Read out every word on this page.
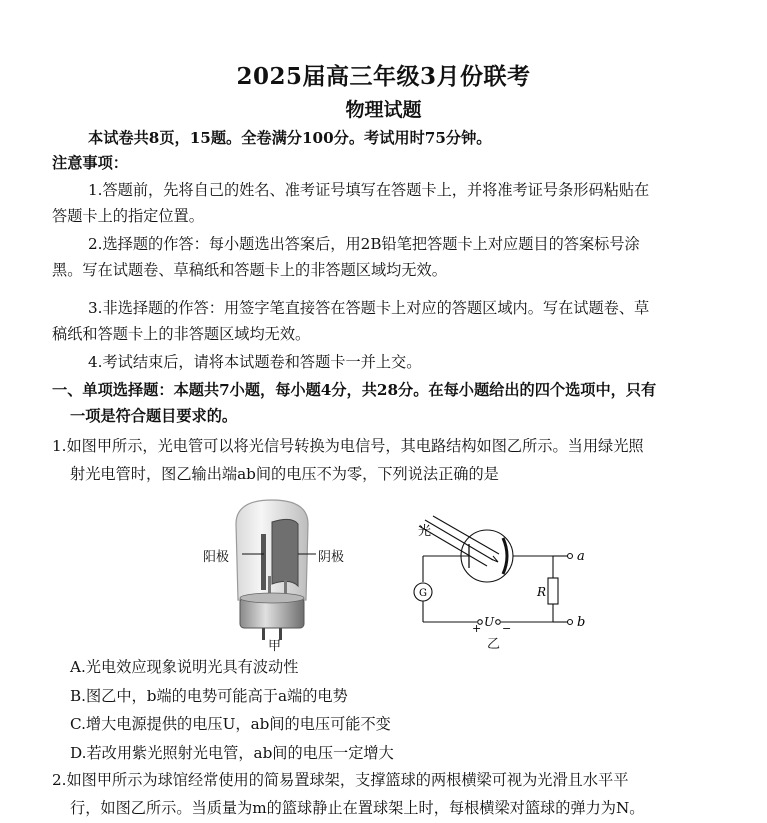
2025届高三年级3月份联考
物理试题
本试卷共8页，15题。全卷满分100分。考试用时75分钟。
注意事项：
1.答题前，先将自己的姓名、准考证号填写在答题卡上，并将准考证号条形码粘贴在
答题卡上的指定位置。
2.选择题的作答：每小题选出答案后，用2B铅笔把答题卡上对应题目的答案标号涂
黑。写在试题卷、草稿纸和答题卡上的非答题区域均无效。
3.非选择题的作答：用签字笔直接答在答题卡上对应的答题区域内。写在试题卷、草
稿纸和答题卡上的非答题区域均无效。
4.考试结束后，请将本试题卷和答题卡一并上交。
一、单项选择题：本题共7小题，每小题4分，共28分。在每小题给出的四个选项中，只有
一项是符合题目要求的。
1.如图甲所示，光电管可以将光信号转换为电信号，其电路结构如图乙所示。当用绿光照
射光电管时，图乙输出端ab间的电压不为零，下列说法正确的是
阳极	阴极
甲
光
G	R
U
+ −
a
b
乙
A.光电效应现象说明光具有波动性
B.图乙中，b端的电势可能高于a端的电势
C.增大电源提供的电压U，ab间的电压可能不变
D.若改用紫光照射光电管，ab间的电压一定增大
2.如图甲所示为球馆经常使用的简易置球架，支撑篮球的两根横梁可视为光滑且水平平
行，如图乙所示。当质量为m的篮球静止在置球架上时，每根横梁对篮球的弹力为N。
